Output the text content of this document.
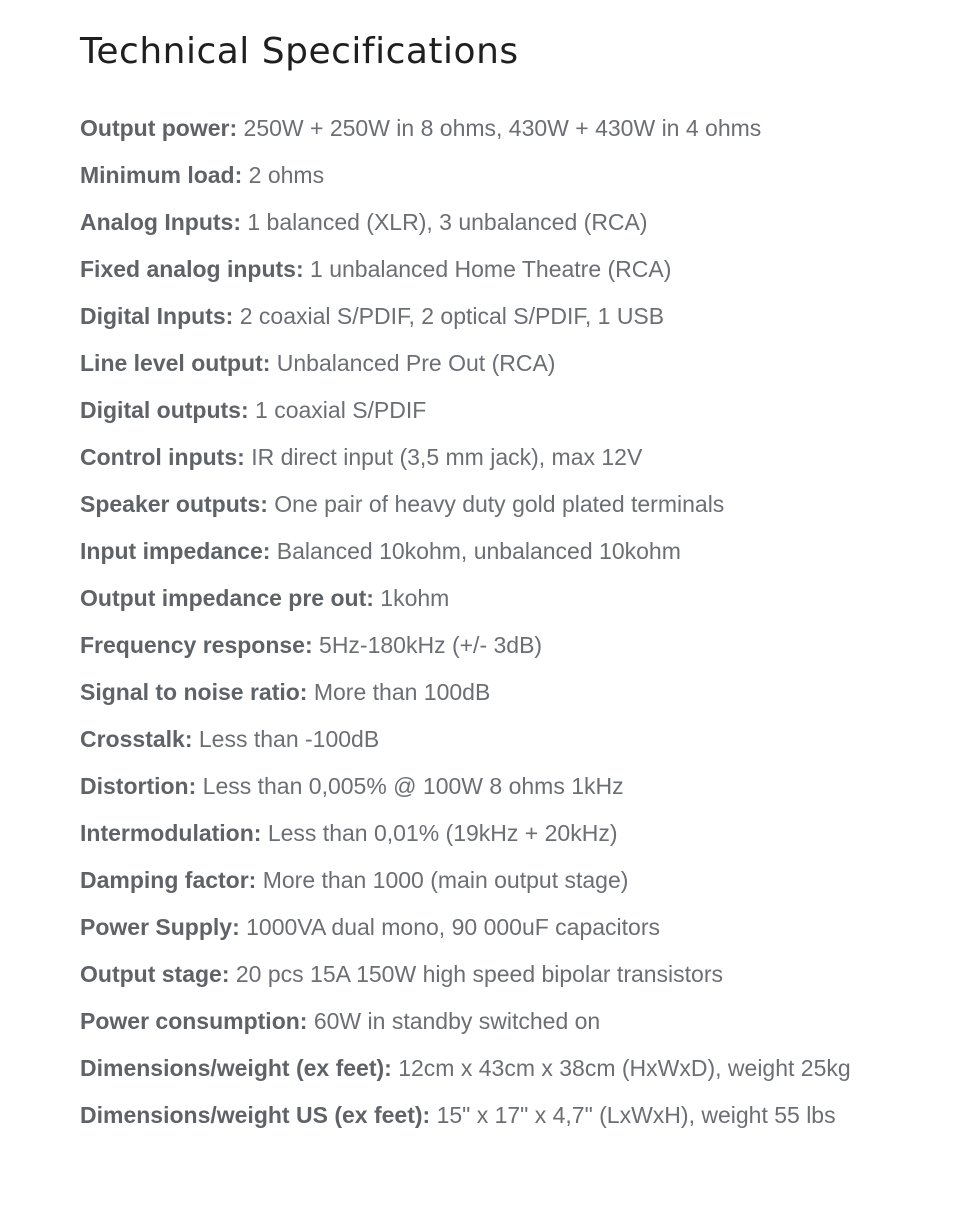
Technical Specifications
Output power: 250W + 250W in 8 ohms, 430W + 430W in 4 ohms
Minimum load: 2 ohms
Analog Inputs: 1 balanced (XLR), 3 unbalanced (RCA)
Fixed analog inputs: 1 unbalanced Home Theatre (RCA)
Digital Inputs: 2 coaxial S/PDIF, 2 optical S/PDIF, 1 USB
Line level output: Unbalanced Pre Out (RCA)
Digital outputs: 1 coaxial S/PDIF
Control inputs: IR direct input (3,5 mm jack), max 12V
Speaker outputs: One pair of heavy duty gold plated terminals
Input impedance: Balanced 10kohm, unbalanced 10kohm
Output impedance pre out: 1kohm
Frequency response: 5Hz-180kHz (+/- 3dB)
Signal to noise ratio: More than 100dB
Crosstalk: Less than -100dB
Distortion: Less than 0,005% @ 100W 8 ohms 1kHz
Intermodulation: Less than 0,01% (19kHz + 20kHz)
Damping factor: More than 1000 (main output stage)
Power Supply: 1000VA dual mono, 90 000uF capacitors
Output stage: 20 pcs 15A 150W high speed bipolar transistors
Power consumption: 60W in standby switched on
Dimensions/weight (ex feet): 12cm x 43cm x 38cm (HxWxD), weight 25kg
Dimensions/weight US (ex feet): 15" x 17" x 4,7" (LxWxH), weight 55 lbs
